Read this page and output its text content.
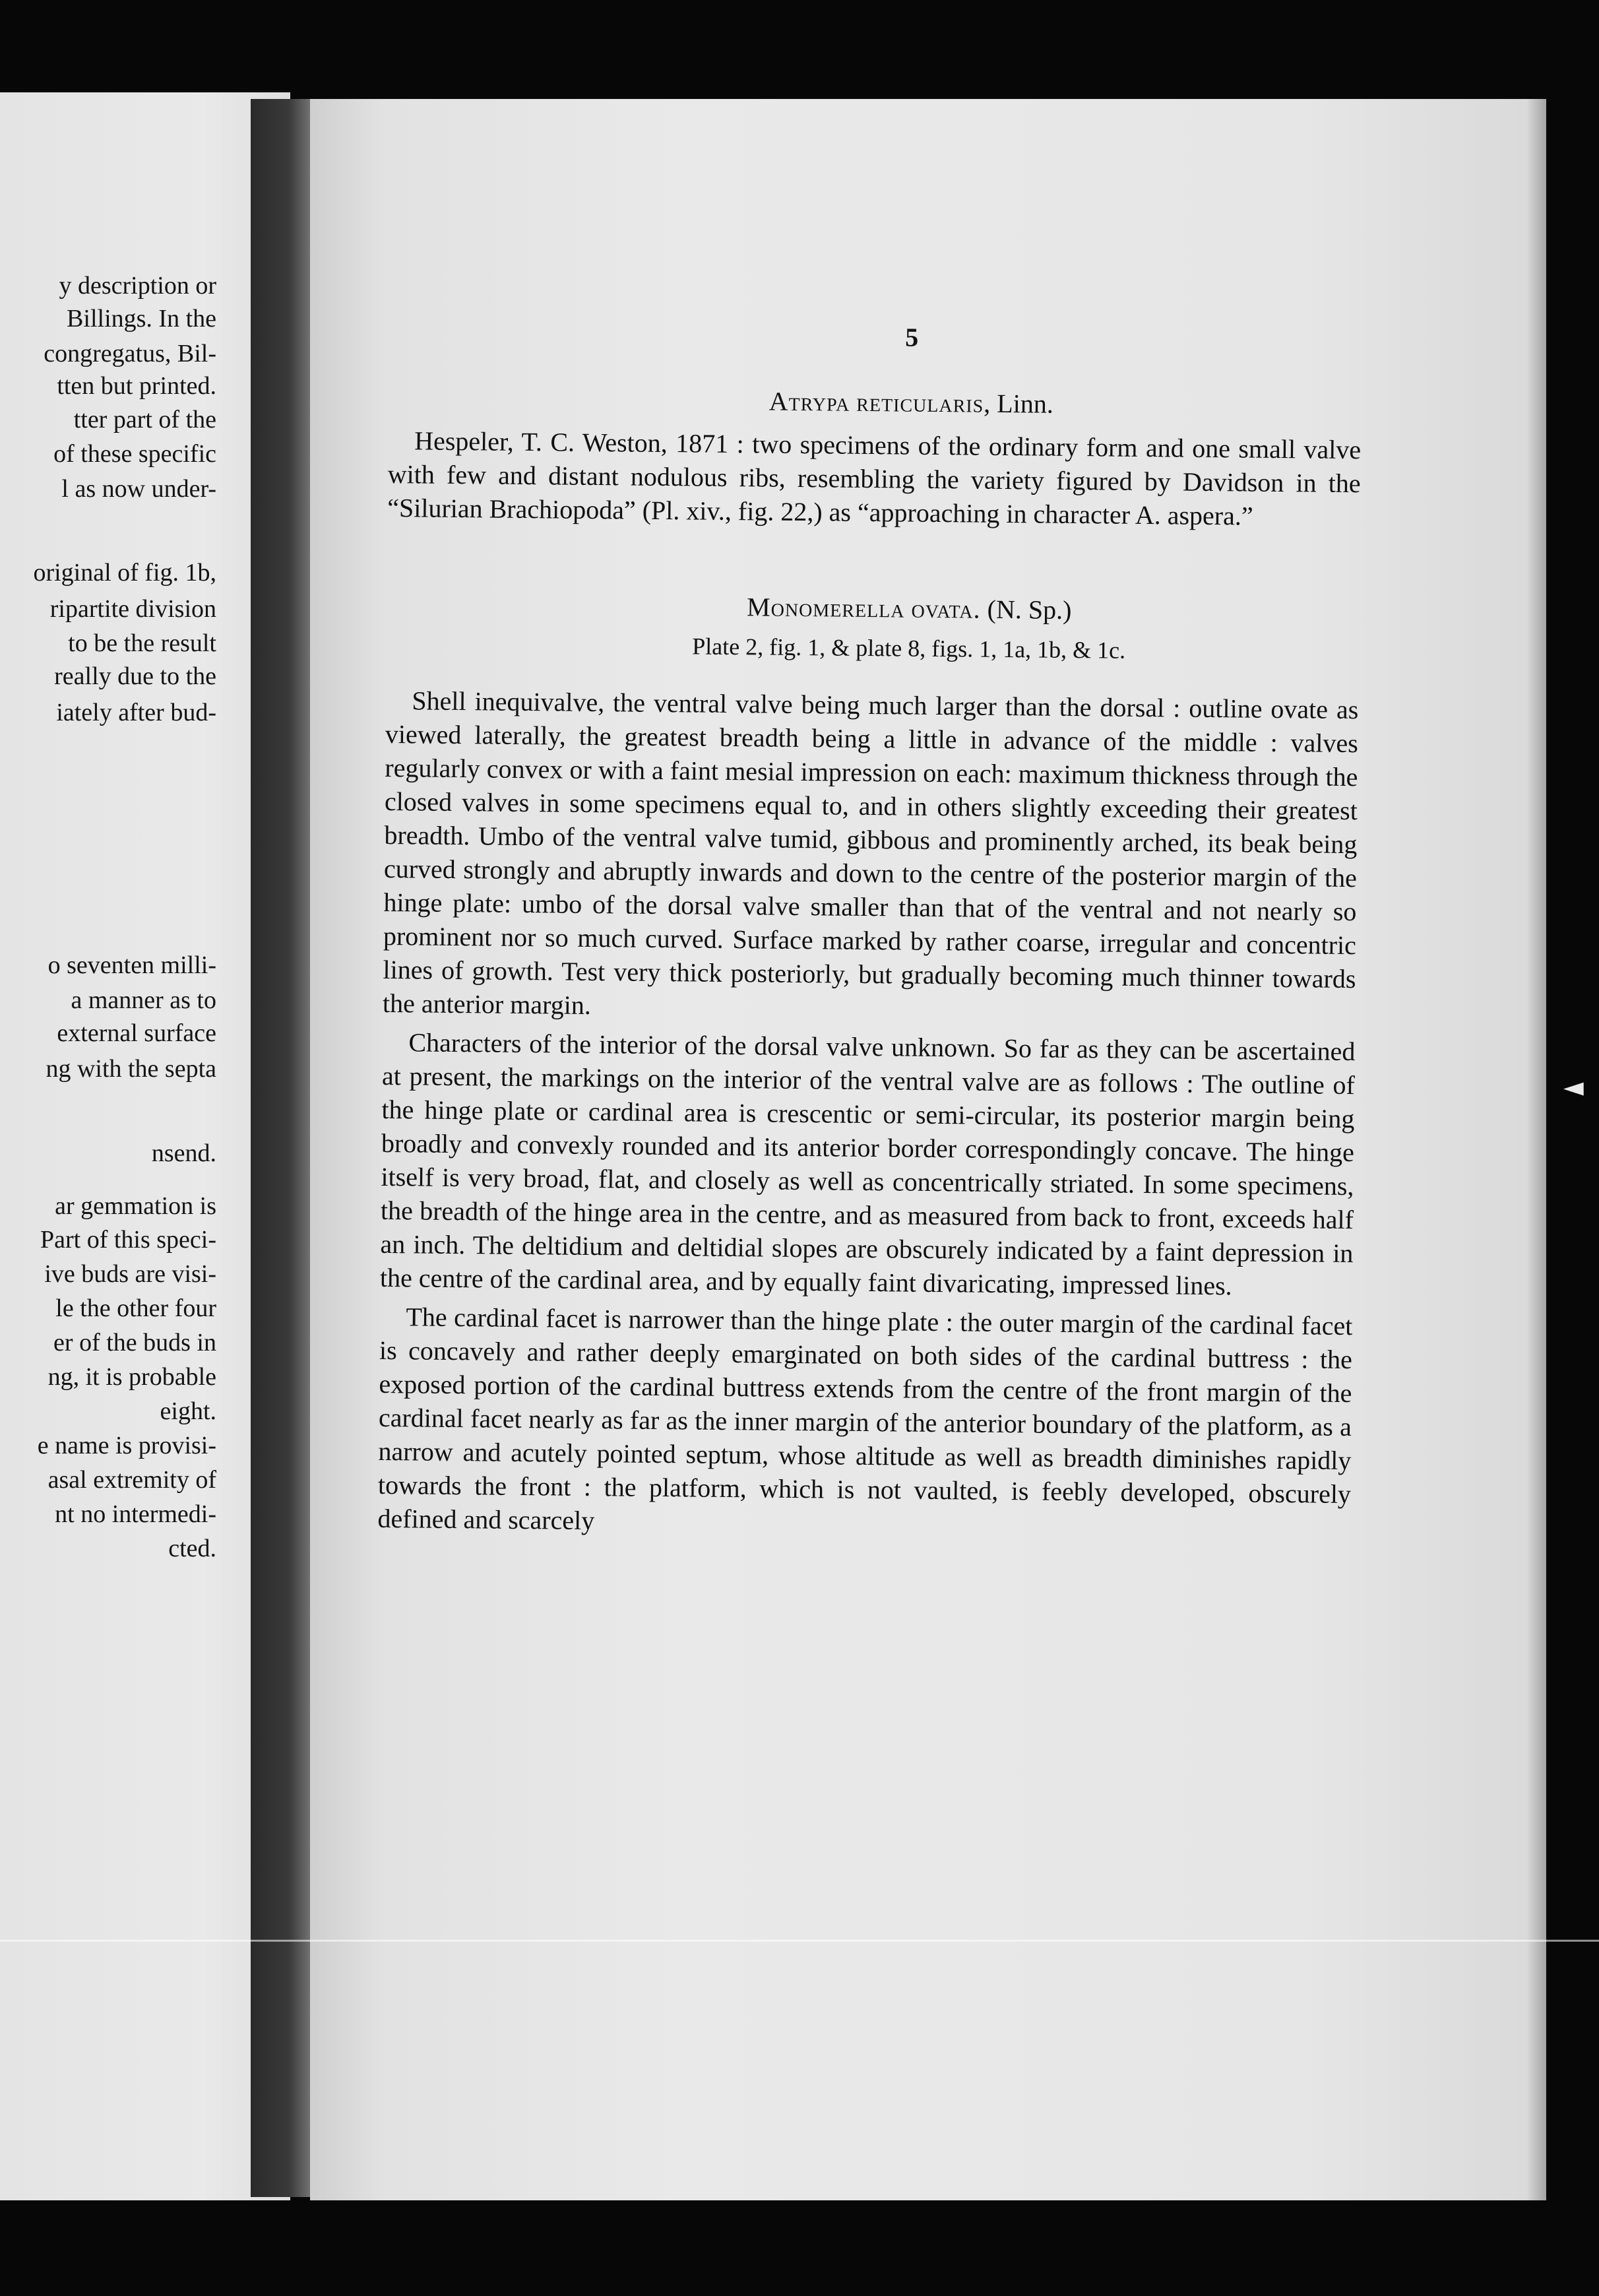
y description or
Billings. In the
congregatus, Bil-
tten but printed.
tter part of the
of these specific
l as now under-
original of fig. 1b,
ripartite division
to be the result
really due to the
iately after bud-
o seventen milli-
a manner as to
external surface
ng with the septa
nsend.
ar gemmation is
Part of this speci-
ive buds are visi-
le the other four
er of the buds in
ng, it is probable
eight.
e name is provisi-
asal extremity of
nt no intermedi-
cted.
5
Atrypa reticularis, Linn.

Hespeler, T. C. Weston, 1871 : two specimens of the ordinary form and one small valve with few and distant nodulous ribs, resembling the variety figured by Davidson in the “Silurian Brachiopoda” (Pl. xiv., fig. 22,) as “approaching in character A. aspera.”

Monomerella ovata. (N. Sp.)
Plate 2, fig. 1, & plate 8, figs. 1, 1a, 1b, & 1c.

Shell inequivalve, the ventral valve being much larger than the dorsal : outline ovate as viewed laterally, the greatest breadth being a little in advance of the middle : valves regularly convex or with a faint mesial impression on each: maximum thickness through the closed valves in some specimens equal to, and in others slightly exceeding their greatest breadth. Umbo of the ventral valve tumid, gibbous and prominently arched, its beak being curved strongly and abruptly inwards and down to the centre of the posterior margin of the hinge plate: umbo of the dorsal valve smaller than that of the ventral and not nearly so prominent nor so much curved. Surface marked by rather coarse, irregular and concentric lines of growth. Test very thick posteriorly, but gradually becoming much thinner towards the anterior margin.

Characters of the interior of the dorsal valve unknown. So far as they can be ascertained at present, the markings on the interior of the ventral valve are as follows : The outline of the hinge plate or cardinal area is crescentic or semi-circular, its posterior margin being broadly and convexly rounded and its anterior border correspondingly concave. The hinge itself is very broad, flat, and closely as well as concentrically striated. In some specimens, the breadth of the hinge area in the centre, and as measured from back to front, exceeds half an inch. The deltidium and deltidial slopes are obscurely indicated by a faint depression in the centre of the cardinal area, and by equally faint divaricating, impressed lines.

The cardinal facet is narrower than the hinge plate : the outer margin of the cardinal facet is concavely and rather deeply emarginated on both sides of the cardinal buttress : the exposed portion of the cardinal buttress extends from the centre of the front margin of the cardinal facet nearly as far as the inner margin of the anterior boundary of the platform, as a narrow and acutely pointed septum, whose altitude as well as breadth diminishes rapidly towards the front : the platform, which is not vaulted, is feebly developed, obscurely defined and scarcely

◄
